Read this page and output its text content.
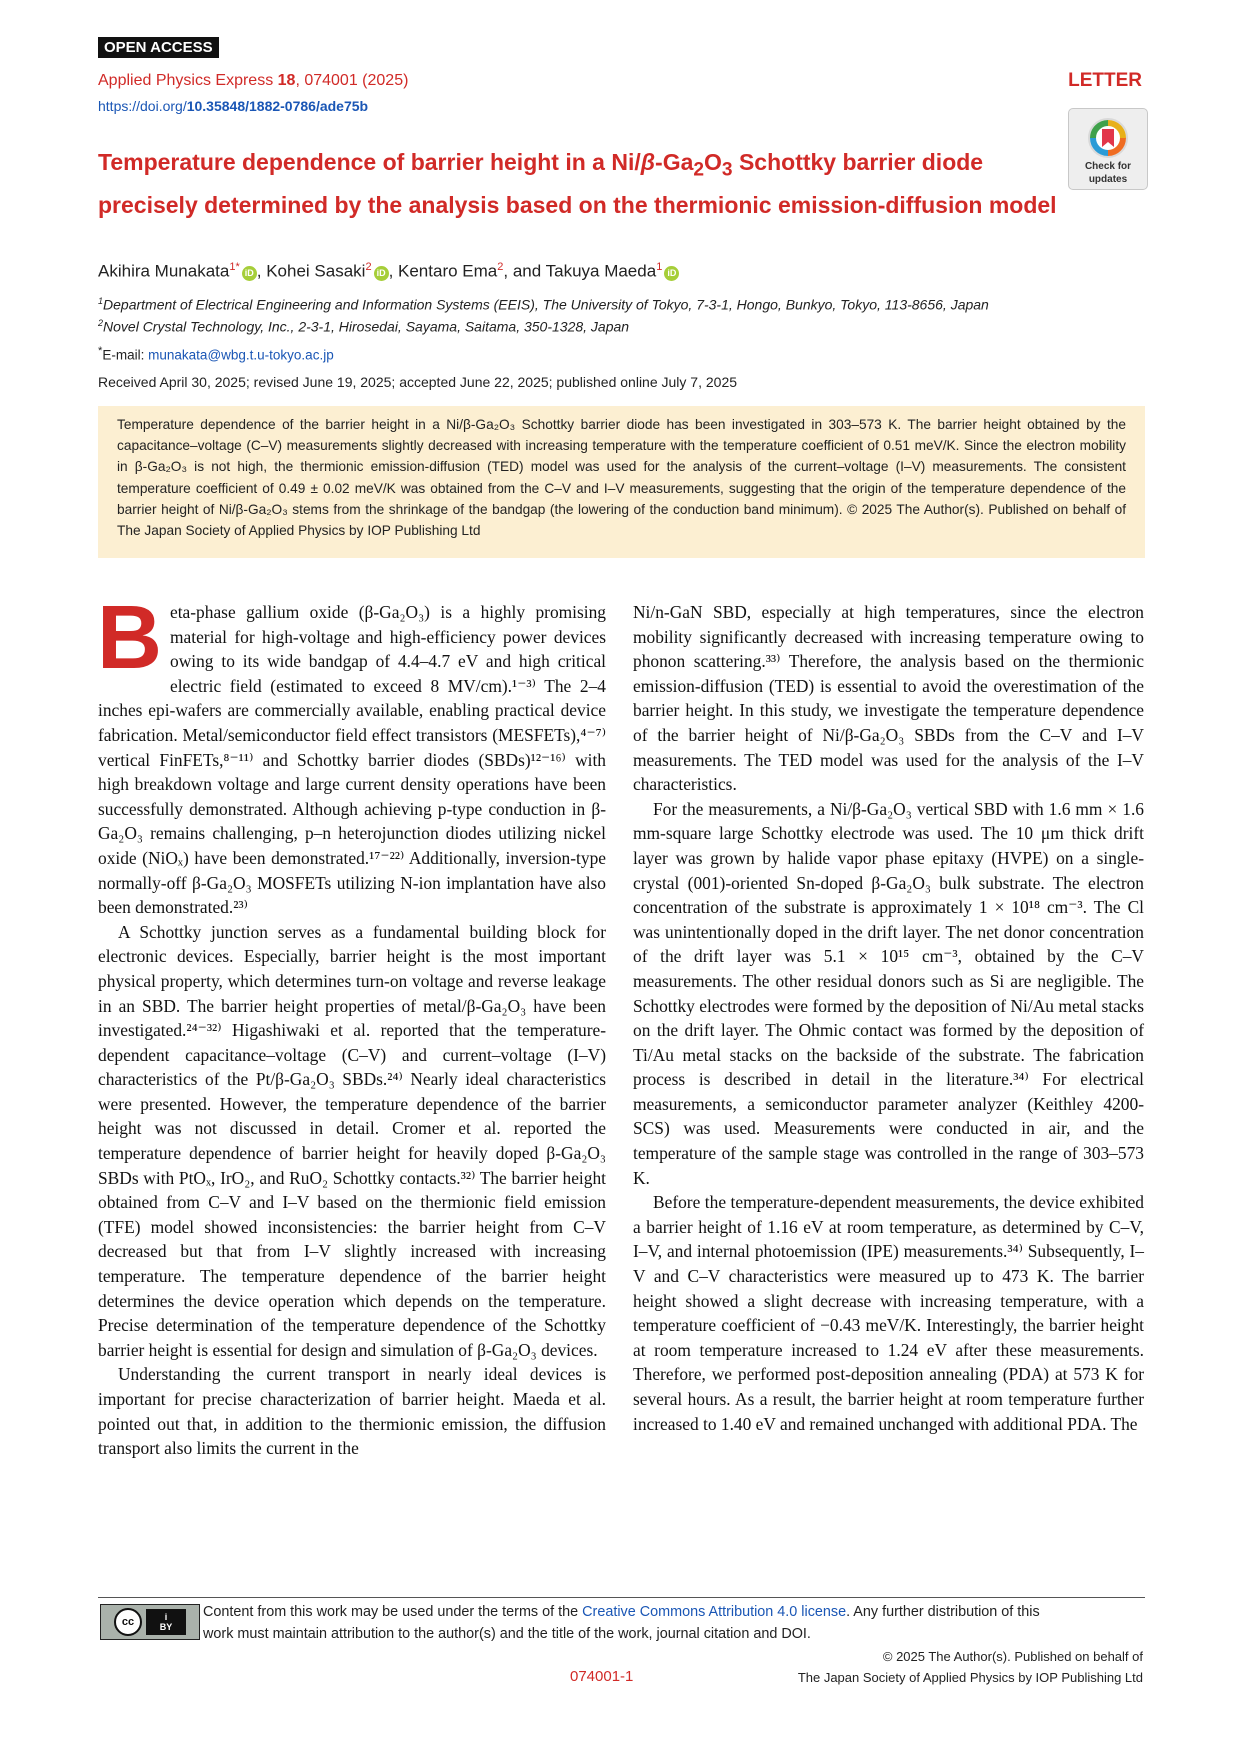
OPEN ACCESS
Applied Physics Express 18, 074001 (2025)	LETTER
https://doi.org/10.35848/1882-0786/ade75b
Check for
updates
Temperature dependence of barrier height in a $Ni/\beta-Ga_2O_3$ Schottky barrier diode precisely determined by the analysis based on the thermionic emission-diffusion model
Akihira Munakata$^{1*}$ iD , Kohei Sasaki$^2$ iD , Kentaro Ema$^2$, and Takuya Maeda$^1$ iD
$^1$Department of Electrical Engineering and Information Systems (EEIS), The University of Tokyo, 7-3-1, Hongo, Bunkyo, Tokyo, 113-8656, Japan
$^2$Novel Crystal Technology, Inc., 2-3-1, Hirosedai, Sayama, Saitama, 350-1328, Japan
*E-mail: munakata@wbg.t.u-tokyo.ac.jp
Received April 30, 2025; revised June 19, 2025; accepted June 22, 2025; published online July 7, 2025

Temperature dependence of the barrier height in a Ni/β-Ga₂O₃ Schottky barrier diode has been investigated in 303–573 K. The barrier height obtained by the capacitance–voltage (C–V) measurements slightly decreased with increasing temperature with the temperature coefficient of 0.51 meV/K. Since the electron mobility in β-Ga₂O₃ is not high, the thermionic emission-diffusion (TED) model was used for the analysis of the current–voltage (I–V) measurements. The consistent temperature coefficient of 0.49 ± 0.02 meV/K was obtained from the C–V and I–V measurements, suggesting that the origin of the temperature dependence of the barrier height of Ni/β-Ga₂O₃ stems from the shrinkage of the bandgap (the lowering of the conduction band minimum). © 2025 The Author(s). Published on behalf of The Japan Society of Applied Physics by IOP Publishing Ltd

Beta-phase gallium oxide (β-Ga₂O₃) is a highly promising material for high-voltage and high-efficiency power devices owing to its wide bandgap of 4.4–4.7 eV and high critical electric field (estimated to exceed 8 MV/cm).¹⁻³⁾ The 2–4 inches epi-wafers are commercially available, enabling practical device fabrication. Metal/semiconductor field effect transistors (MESFETs),⁴⁻⁷⁾ vertical FinFETs,⁸⁻¹¹⁾ and Schottky barrier diodes (SBDs)¹²⁻¹⁶⁾ with high breakdown voltage and large current density operations have been successfully demonstrated. Although achieving p-type conduction in β-Ga₂O₃ remains challenging, p–n heterojunction diodes utilizing nickel oxide (NiOₓ) have been demonstrated.¹⁷⁻²²⁾ Additionally, inversion-type normally-off β-Ga₂O₃ MOSFETs utilizing N-ion implantation have also been demonstrated.²³⁾

A Schottky junction serves as a fundamental building block for electronic devices. Especially, barrier height is the most important physical property, which determines turn-on voltage and reverse leakage in an SBD. The barrier height properties of metal/β-Ga₂O₃ have been investigated.²⁴⁻³²⁾ Higashiwaki et al. reported that the temperature-dependent capacitance–voltage (C–V) and current–voltage (I–V) characteristics of the Pt/β-Ga₂O₃ SBDs.²⁴⁾ Nearly ideal characteristics were presented. However, the temperature dependence of the barrier height was not discussed in detail. Cromer et al. reported the temperature dependence of barrier height for heavily doped β-Ga₂O₃ SBDs with PtOₓ, IrO₂, and RuO₂ Schottky contacts.³²⁾ The barrier height obtained from C–V and I–V based on the thermionic field emission (TFE) model showed inconsistencies: the barrier height from C–V decreased but that from I–V slightly increased with increasing temperature. The temperature dependence of the barrier height determines the device operation which depends on the temperature. Precise determination of the temperature dependence of the Schottky barrier height is essential for design and simulation of β-Ga₂O₃ devices.

Understanding the current transport in nearly ideal devices is important for precise characterization of barrier height. Maeda et al. pointed out that, in addition to the thermionic emission, the diffusion transport also limits the current in the

Ni/n-GaN SBD, especially at high temperatures, since the electron mobility significantly decreased with increasing temperature owing to phonon scattering.³³⁾ Therefore, the analysis based on the thermionic emission-diffusion (TED) is essential to avoid the overestimation of the barrier height. In this study, we investigate the temperature dependence of the barrier height of Ni/β-Ga₂O₃ SBDs from the C–V and I–V measurements. The TED model was used for the analysis of the I–V characteristics.

For the measurements, a Ni/β-Ga₂O₃ vertical SBD with 1.6 mm × 1.6 mm-square large Schottky electrode was used. The 10 μm thick drift layer was grown by halide vapor phase epitaxy (HVPE) on a single-crystal (001)-oriented Sn-doped β-Ga₂O₃ bulk substrate. The electron concentration of the substrate is approximately 1 × 10¹⁸ cm⁻³. The Cl was unintentionally doped in the drift layer. The net donor concentration of the drift layer was 5.1 × 10¹⁵ cm⁻³, obtained by the C–V measurements. The other residual donors such as Si are negligible. The Schottky electrodes were formed by the deposition of Ni/Au metal stacks on the drift layer. The Ohmic contact was formed by the deposition of Ti/Au metal stacks on the backside of the substrate. The fabrication process is described in detail in the literature.³⁴⁾ For electrical measurements, a semiconductor parameter analyzer (Keithley 4200-SCS) was used. Measurements were conducted in air, and the temperature of the sample stage was controlled in the range of 303–573 K.

Before the temperature-dependent measurements, the device exhibited a barrier height of 1.16 eV at room temperature, as determined by C–V, I–V, and internal photoemission (IPE) measurements.³⁴⁾ Subsequently, I–V and C–V characteristics were measured up to 473 K. The barrier height showed a slight decrease with increasing temperature, with a temperature coefficient of −0.43 meV/K. Interestingly, the barrier height at room temperature increased to 1.24 eV after these measurements. Therefore, we performed post-deposition annealing (PDA) at 573 K for several hours. As a result, the barrier height at room temperature further increased to 1.40 eV and remained unchanged with additional PDA. The

cc	i
BY
Content from this work may be used under the terms of the Creative Commons Attribution 4.0 license. Any further distribution of this
work must maintain attribution to the author(s) and the title of the work, journal citation and DOI.
© 2025 The Author(s). Published on behalf of
The Japan Society of Applied Physics by IOP Publishing Ltd
074001-1
